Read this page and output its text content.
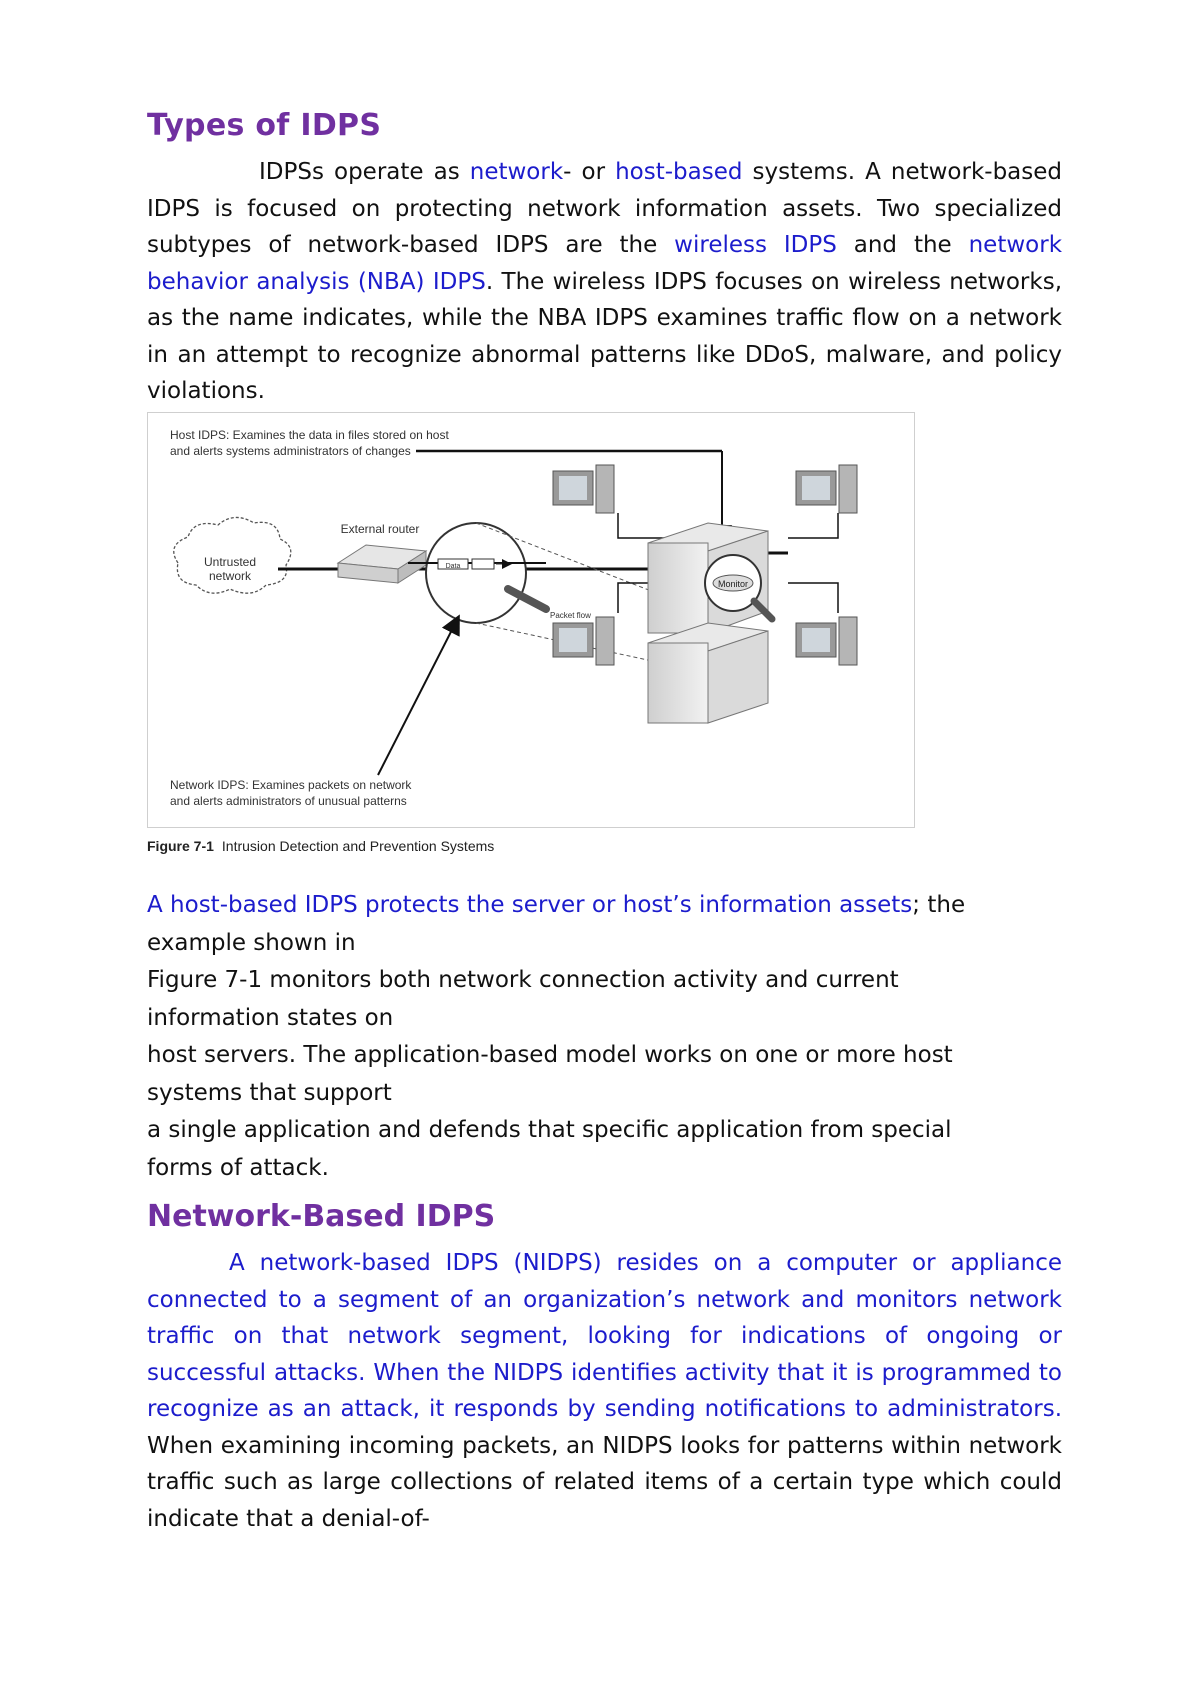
Types of IDPS

IDPSs operate as network- or host-based systems. A network-based IDPS is focused on protecting network information assets. Two specialized subtypes of network-based IDPS are the wireless IDPS and the network behavior analysis (NBA) IDPS. The wireless IDPS focuses on wireless networks, as the name indicates, while the NBA IDPS examines traffic flow on a network in an attempt to recognize abnormal patterns like DDoS, malware, and policy violations.

Host IDPS: Examines the data in files stored on host
and alerts systems administrators of changes
Untrusted
network
External router
Data
Packet flow
Monitor
Network IDPS: Examines packets on network
and alerts administrators of unusual patterns
Figure 7-1 Intrusion Detection and Prevention Systems
A host-based IDPS protects the server or host’s information assets; the
example shown in
Figure 7-1 monitors both network connection activity and current
information states on
host servers. The application-based model works on one or more host
systems that support
a single application and defends that specific application from special
forms of attack.
Network-Based IDPS

A network-based IDPS (NIDPS) resides on a computer or appliance connected to a segment of an organization’s network and monitors network traffic on that network segment, looking for indications of ongoing or successful attacks. When the NIDPS identifies activity that it is programmed to recognize as an attack, it responds by sending notifications to administrators. When examining incoming packets, an NIDPS looks for patterns within network traffic such as large collections of related items of a certain type which could indicate that a denial-of-
